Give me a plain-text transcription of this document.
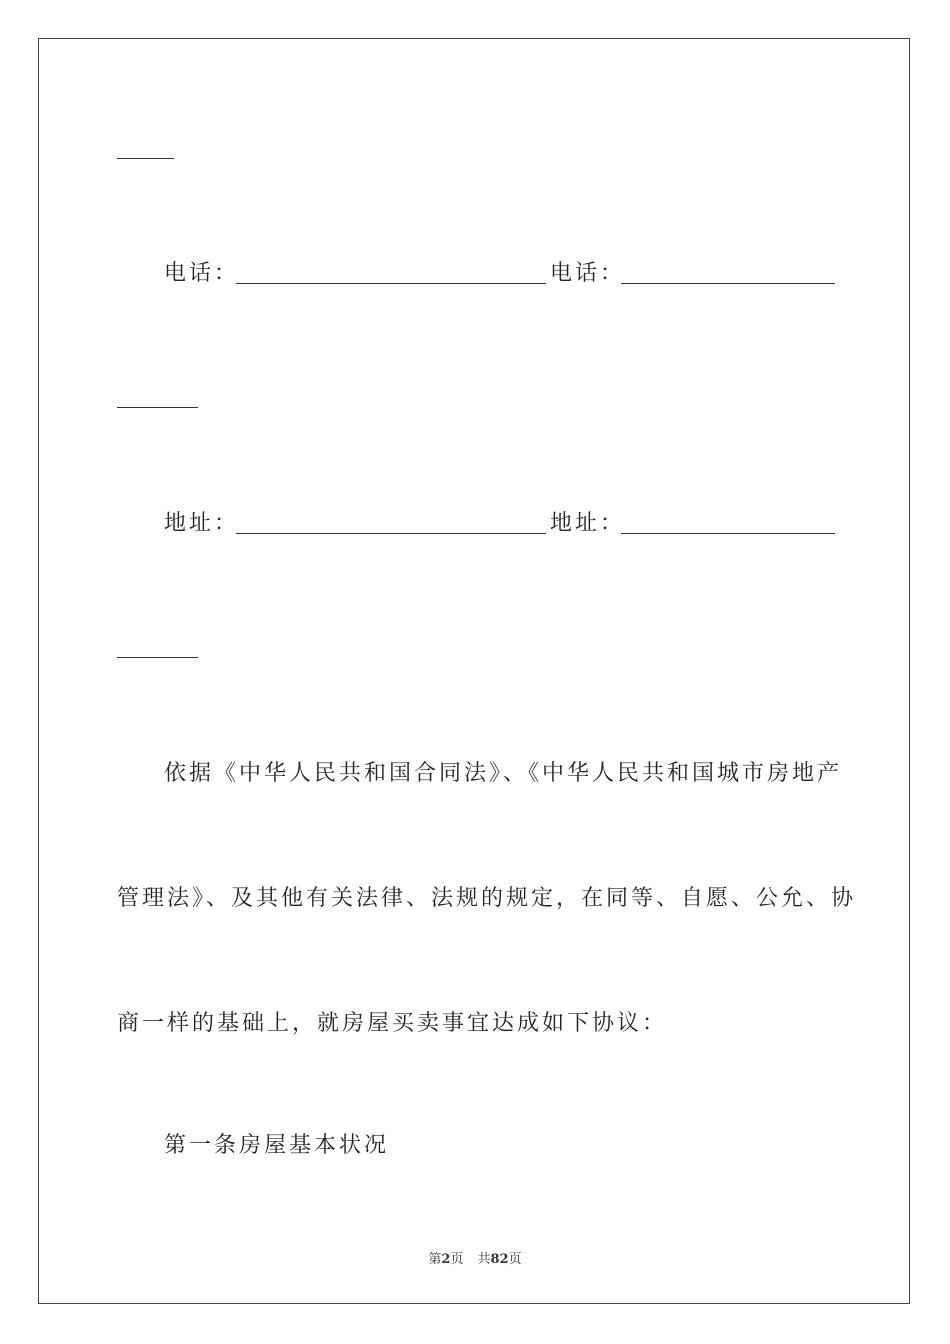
电话：	电话：
地址：	地址：
依据《中华人民共和国合同法》、《中华人民共和国城市房地产
管理法》、及其他有关法律、法规的规定，在同等、自愿、公允、协
商一样的基础上，就房屋买卖事宜达成如下协议：
第一条房屋基本状况
第2页 共82页
